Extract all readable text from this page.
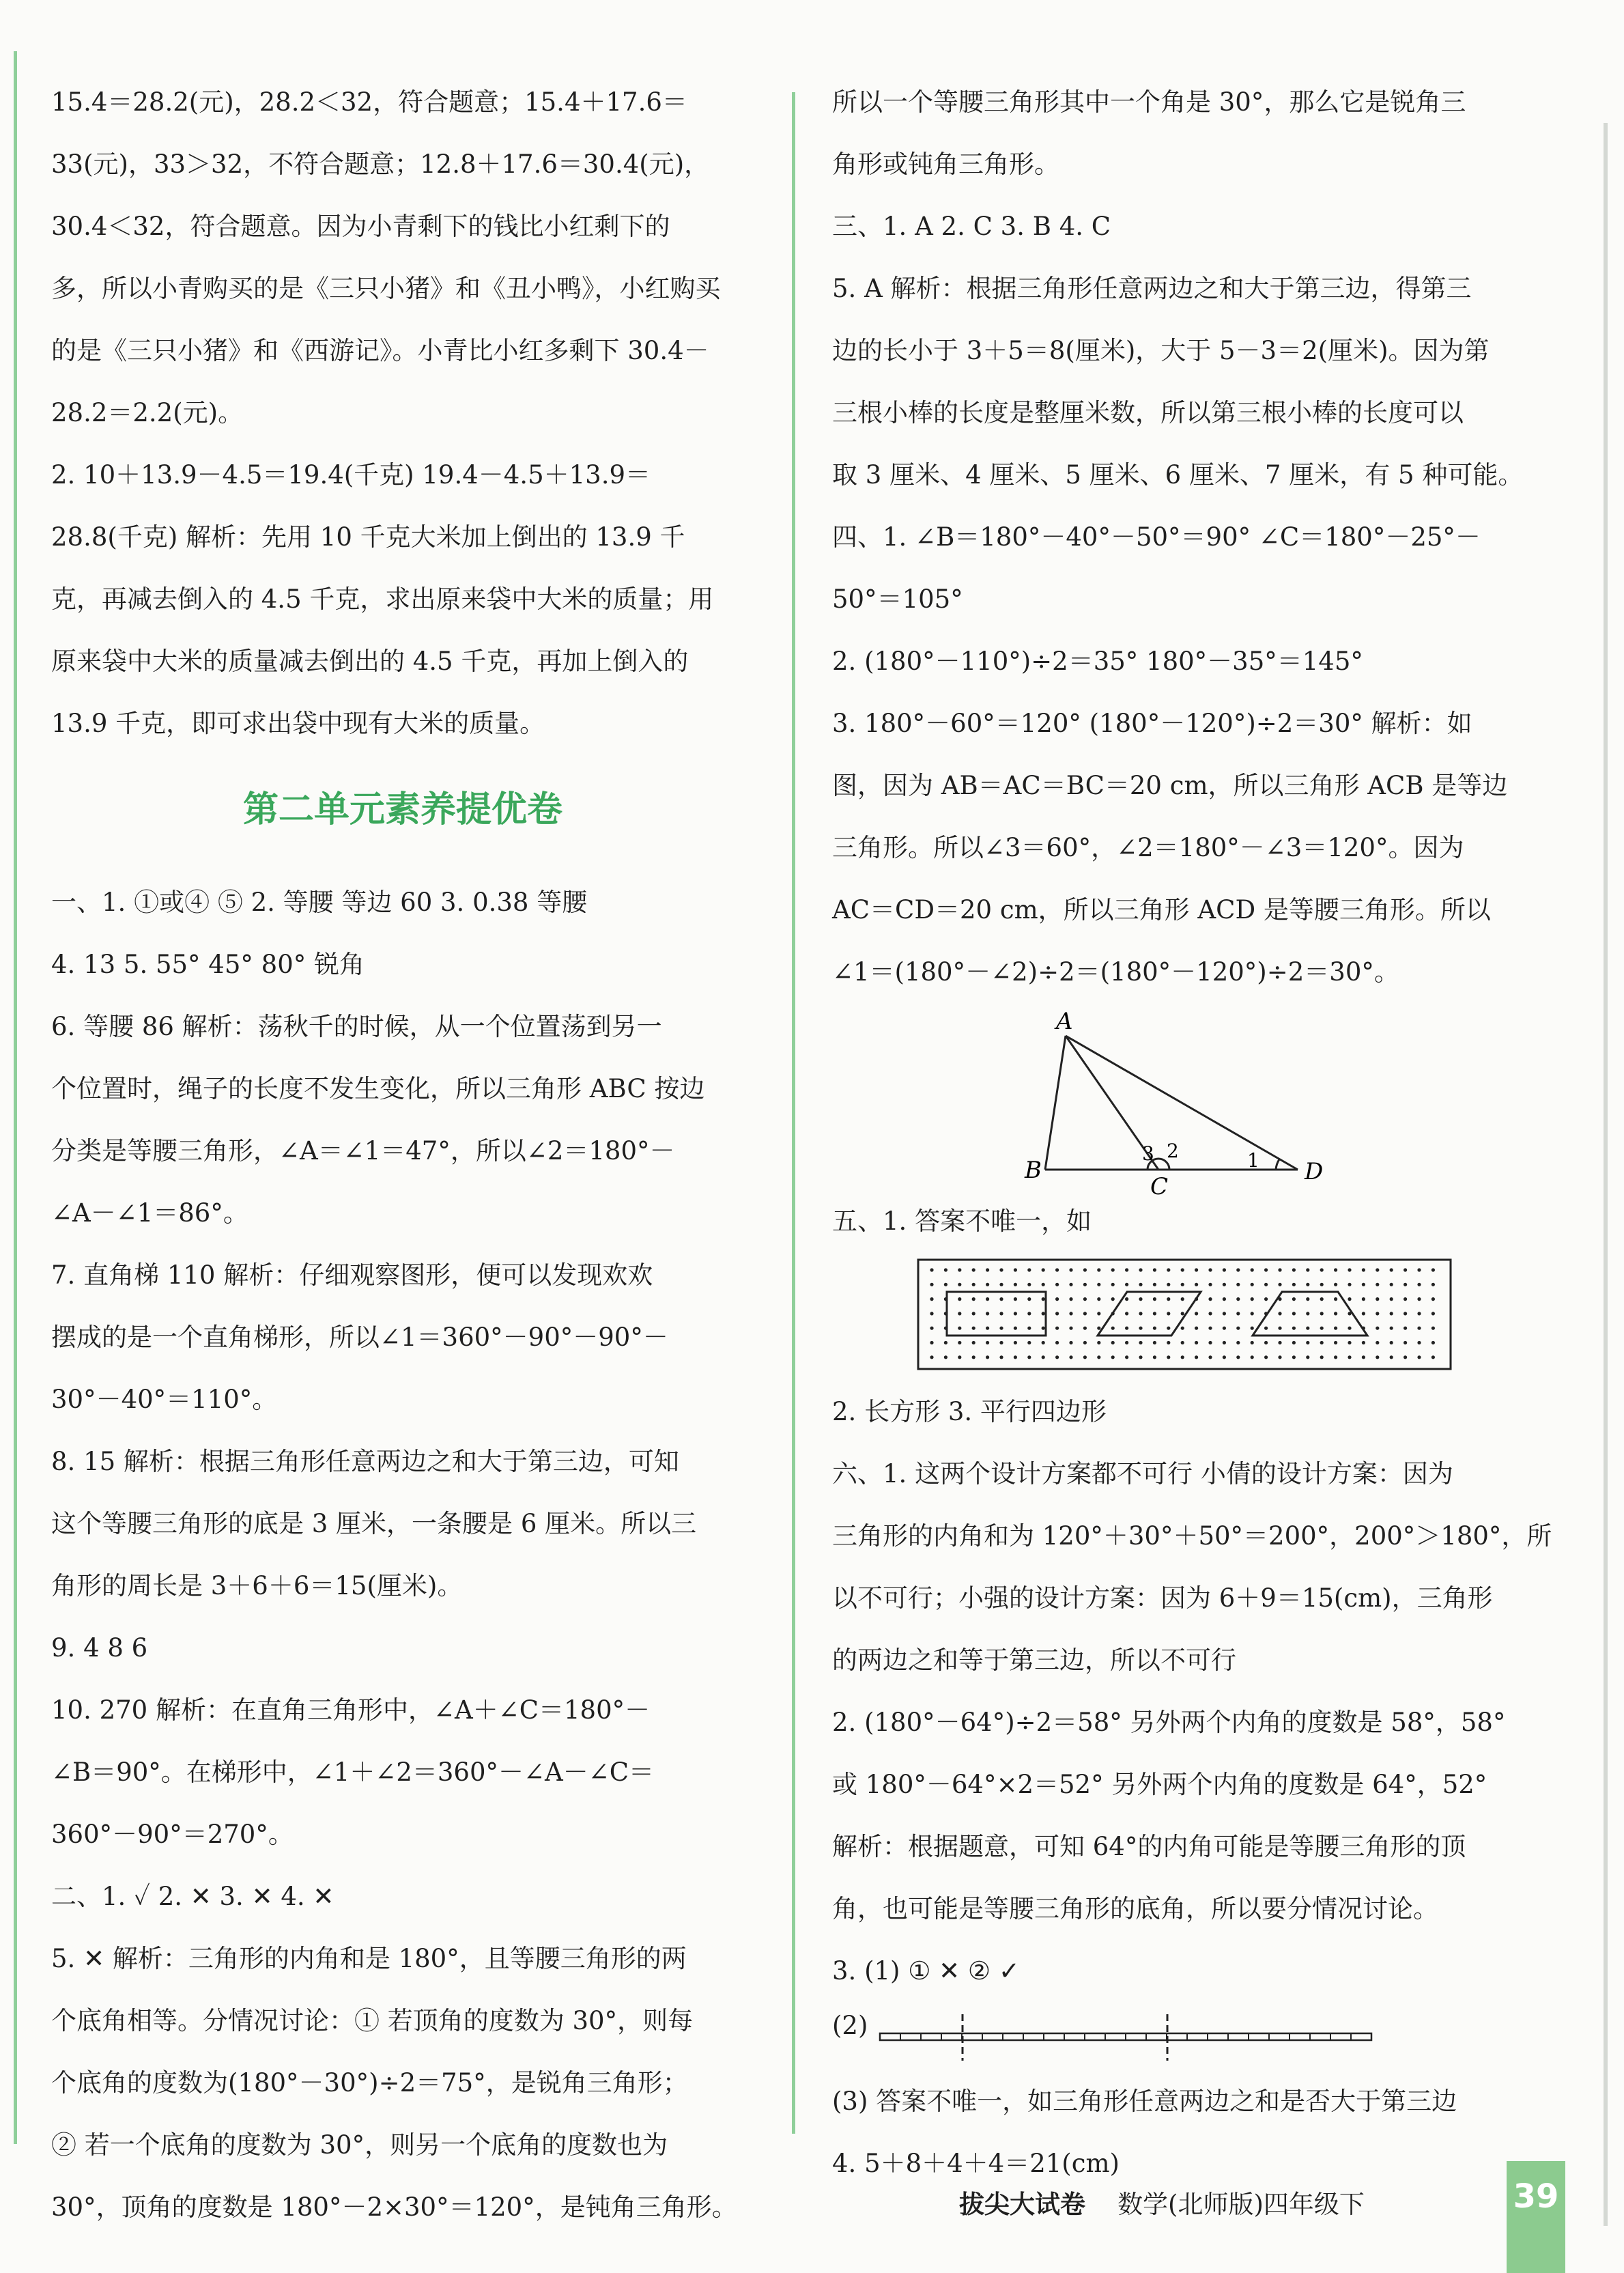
15.4＝28.2(元)，28.2＜32，符合题意；15.4＋17.6＝

33(元)，33＞32，不符合题意；12.8＋17.6＝30.4(元)，

30.4＜32，符合题意。因为小青剩下的钱比小红剩下的

多，所以小青购买的是《三只小猪》和《丑小鸭》，小红购买

的是《三只小猪》和《西游记》。小青比小红多剩下 30.4－

28.2＝2.2(元)。

2. 10＋13.9－4.5＝19.4(千克) 19.4－4.5＋13.9＝

28.8(千克) 解析：先用 10 千克大米加上倒出的 13.9 千

克，再减去倒入的 4.5 千克，求出原来袋中大米的质量；用

原来袋中大米的质量减去倒出的 4.5 千克，再加上倒入的

13.9 千克，即可求出袋中现有大米的质量。

第二单元素养提优卷

一、1. ①或④ ⑤ 2. 等腰 等边 60 3. 0.38 等腰

4. 13 5. 55° 45° 80° 锐角

6. 等腰 86 解析：荡秋千的时候，从一个位置荡到另一

个位置时，绳子的长度不发生变化，所以三角形 ABC 按边

分类是等腰三角形，∠A＝∠1＝47°，所以∠2＝180°－

∠A－∠1＝86°。

7. 直角梯 110 解析：仔细观察图形，便可以发现欢欢

摆成的是一个直角梯形，所以∠1＝360°－90°－90°－

30°－40°＝110°。

8. 15 解析：根据三角形任意两边之和大于第三边，可知

这个等腰三角形的底是 3 厘米，一条腰是 6 厘米。所以三

角形的周长是 3＋6＋6＝15(厘米)。

9. 4 8 6

10. 270 解析：在直角三角形中，∠A＋∠C＝180°－

∠B＝90°。在梯形中，∠1＋∠2＝360°－∠A－∠C＝

360°－90°＝270°。

二、1. ✓ 2. ✕ 3. ✕ 4. ✕

5. ✕ 解析：三角形的内角和是 180°，且等腰三角形的两

个底角相等。分情况讨论：① 若顶角的度数为 30°，则每

个底角的度数为(180°－30°)÷2＝75°，是锐角三角形；

② 若一个底角的度数为 30°，则另一个底角的度数也为

30°，顶角的度数是 180°－2×30°＝120°，是钝角三角形。

所以一个等腰三角形其中一个角是 30°，那么它是锐角三

角形或钝角三角形。

三、1. A 2. C 3. B 4. C

5. A 解析：根据三角形任意两边之和大于第三边，得第三

边的长小于 3＋5＝8(厘米)，大于 5－3＝2(厘米)。因为第

三根小棒的长度是整厘米数，所以第三根小棒的长度可以

取 3 厘米、4 厘米、5 厘米、6 厘米、7 厘米，有 5 种可能。

四、1. ∠B＝180°－40°－50°＝90° ∠C＝180°－25°－

50°＝105°

2. (180°－110°)÷2＝35° 180°－35°＝145°

3. 180°－60°＝120° (180°－120°)÷2＝30° 解析：如

图，因为 AB＝AC＝BC＝20 cm，所以三角形 ACB 是等边

三角形。所以∠3＝60°，∠2＝180°－∠3＝120°。因为

AC＝CD＝20 cm，所以三角形 ACD 是等腰三角形。所以

∠1＝(180°－∠2)÷2＝(180°－120°)÷2＝30°。

A
B
C
D
3 2	1

五、1. 答案不唯一，如

2. 长方形 3. 平行四边形

六、1. 这两个设计方案都不可行 小倩的设计方案：因为

三角形的内角和为 120°＋30°＋50°＝200°，200°＞180°，所

以不可行；小强的设计方案：因为 6＋9＝15(cm)，三角形

的两边之和等于第三边，所以不可行

2. (180°－64°)÷2＝58° 另外两个内角的度数是 58°，58°

或 180°－64°×2＝52° 另外两个内角的度数是 64°，52°

解析：根据题意，可知 64°的内角可能是等腰三角形的顶

角，也可能是等腰三角形的底角，所以要分情况讨论。

3. (1) ① ✕ ② ✓

(2)

(3) 答案不唯一，如三角形任意两边之和是否大于第三边

4. 5＋8＋4＋4＝21(cm)

拔尖大试卷 数学(北师版)四年级下	39
